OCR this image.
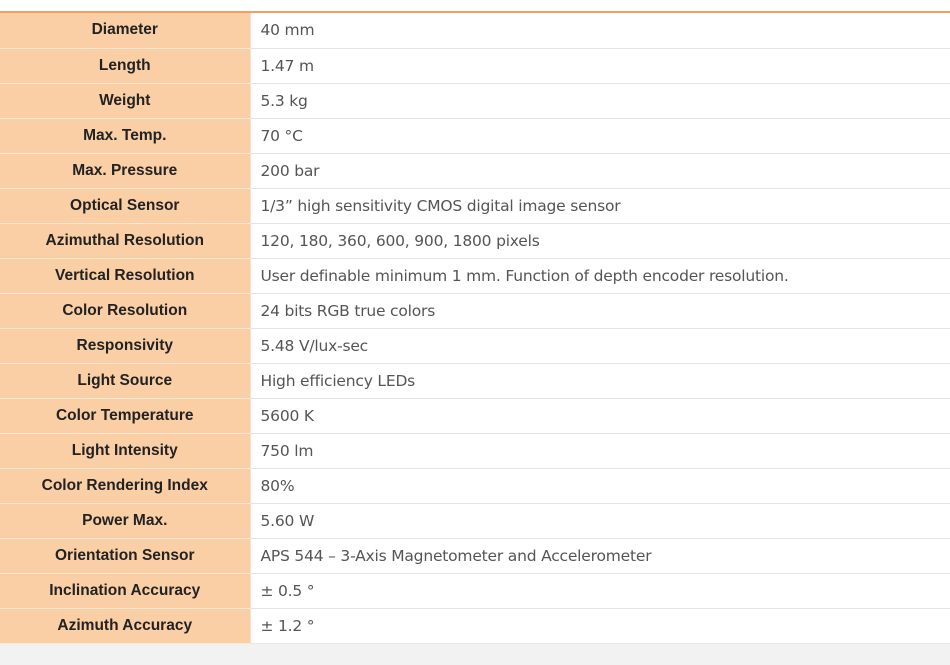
Diameter	40 mm
Length	1.47 m
Weight	5.3 kg
Max. Temp.	70 °C
Max. Pressure	200 bar
Optical Sensor	1/3” high sensitivity CMOS digital image sensor
Azimuthal Resolution	120, 180, 360, 600, 900, 1800 pixels
Vertical Resolution	User definable minimum 1 mm. Function of depth encoder resolution.
Color Resolution	24 bits RGB true colors
Responsivity	5.48 V/lux-sec
Light Source	High efficiency LEDs
Color Temperature	5600 K
Light Intensity	750 lm
Color Rendering Index	80%
Power Max.	5.60 W
Orientation Sensor	APS 544 – 3-Axis Magnetometer and Accelerometer
Inclination Accuracy	± 0.5 °
Azimuth Accuracy	± 1.2 °
